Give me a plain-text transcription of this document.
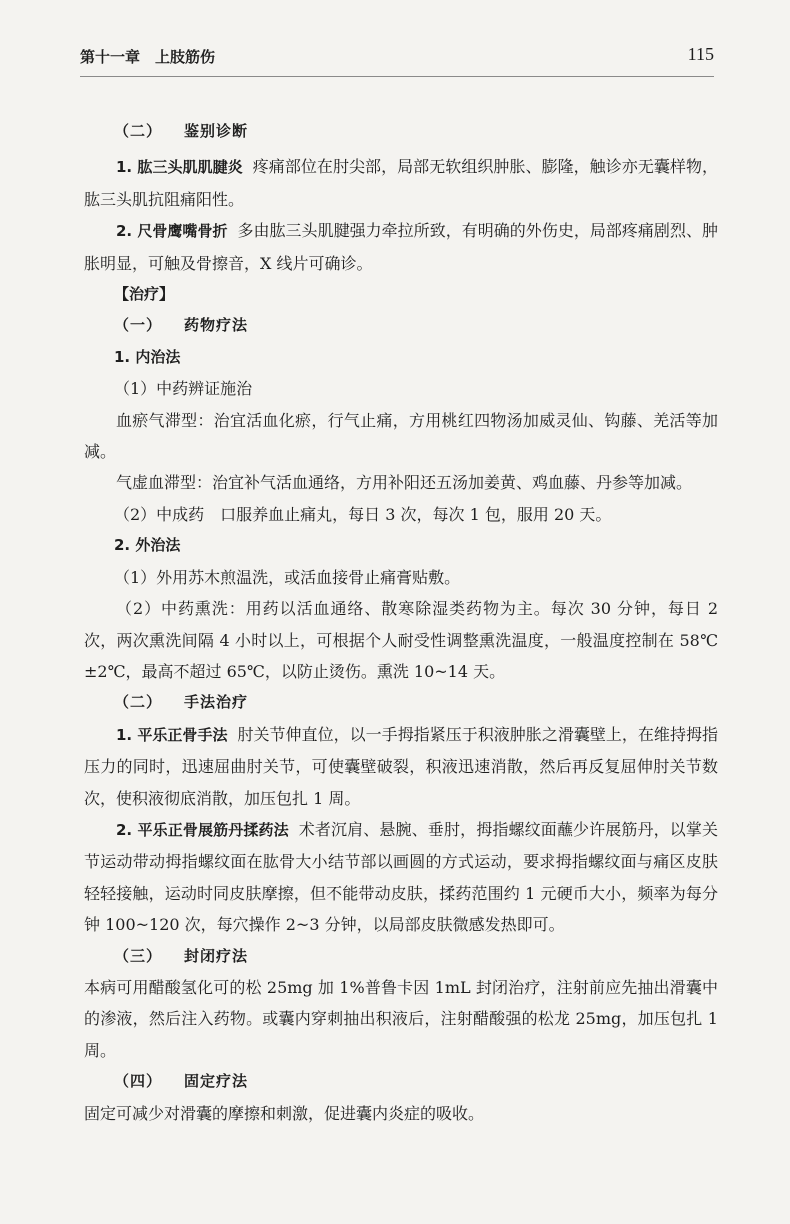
第十一章　上肢筋伤	115
（二） 鉴别诊断

1. 肱三头肌肌腱炎 疼痛部位在肘尖部，局部无软组织肿胀、膨隆，触诊亦无囊样物，肱三头肌抗阻痛阳性。

2. 尺骨鹰嘴骨折 多由肱三头肌腱强力牵拉所致，有明确的外伤史，局部疼痛剧烈、肿胀明显，可触及骨擦音，X 线片可确诊。

【治疗】
（一） 药物疗法
1. 内治法

（1）中药辨证施治

血瘀气滞型：治宜活血化瘀，行气止痛，方用桃红四物汤加威灵仙、钩藤、羌活等加减。

气虚血滞型：治宜补气活血通络，方用补阳还五汤加姜黄、鸡血藤、丹参等加减。

（2）中成药　口服养血止痛丸，每日 3 次，每次 1 包，服用 20 天。

2. 外治法

（1）外用苏木煎温洗，或活血接骨止痛膏贴敷。

（2）中药熏洗：用药以活血通络、散寒除湿类药物为主。每次 30 分钟，每日 2 次，两次熏洗间隔 4 小时以上，可根据个人耐受性调整熏洗温度，一般温度控制在 58℃±2℃，最高不超过 65℃，以防止烫伤。熏洗 10~14 天。

（二） 手法治疗

1. 平乐正骨手法 肘关节伸直位，以一手拇指紧压于积液肿胀之滑囊壁上，在维持拇指压力的同时，迅速屈曲肘关节，可使囊壁破裂，积液迅速消散，然后再反复屈伸肘关节数次，使积液彻底消散，加压包扎 1 周。

2. 平乐正骨展筋丹揉药法 术者沉肩、悬腕、垂肘，拇指螺纹面蘸少许展筋丹，以掌关节运动带动拇指螺纹面在肱骨大小结节部以画圆的方式运动，要求拇指螺纹面与痛区皮肤轻轻接触，运动时同皮肤摩擦，但不能带动皮肤，揉药范围约 1 元硬币大小，频率为每分钟 100~120 次，每穴操作 2~3 分钟，以局部皮肤微感发热即可。

（三） 封闭疗法

本病可用醋酸氢化可的松 25mg 加 1%普鲁卡因 1mL 封闭治疗，注射前应先抽出滑囊中的渗液，然后注入药物。或囊内穿刺抽出积液后，注射醋酸强的松龙 25mg，加压包扎 1 周。

（四） 固定疗法

固定可减少对滑囊的摩擦和刺激，促进囊内炎症的吸收。
